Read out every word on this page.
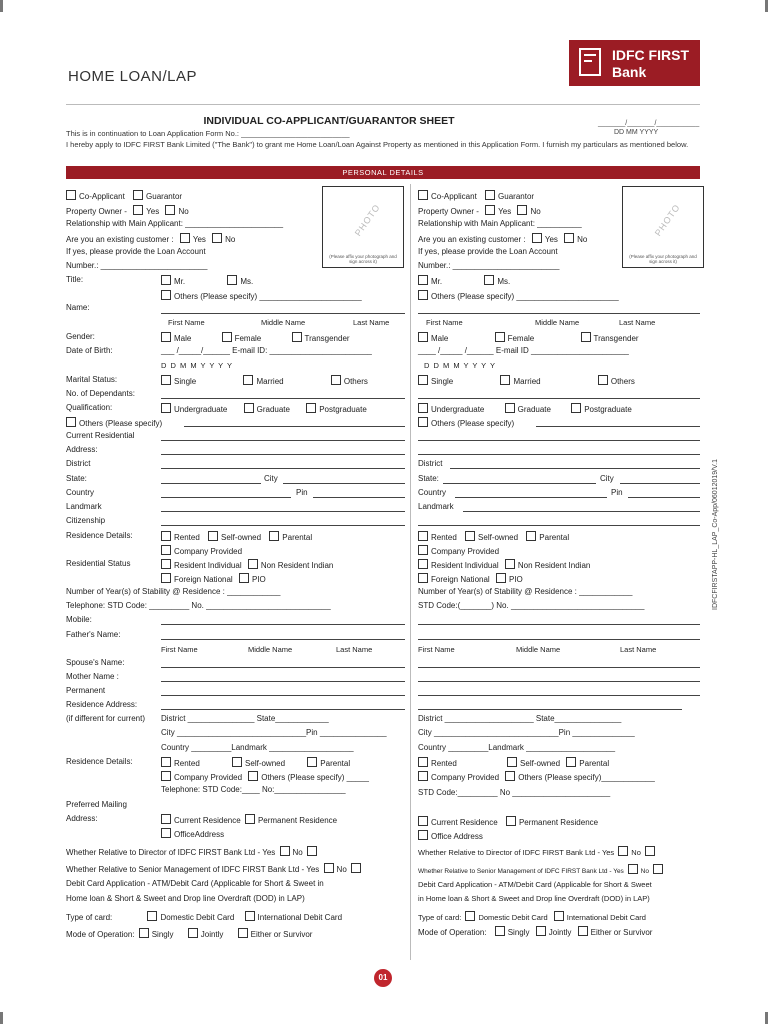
HOME LOAN/LAP
IDFC FIRST
Bank
INDIVIDUAL CO-APPLICANT/GUARANTOR SHEET	_______/_______/___________
DD MM YYYY
This is in continuation to Loan Application Form No.: __________________________
I hereby apply to IDFC FIRST Bank Limited ("The Bank") to grant me Home Loan/Loan Against Property as mentioned in this Application Form. I furnish my particulars as mentioned below.
PERSONAL DETAILS
Co-Applicant	Guarantor
Property Owner - Yes No
Relationship with Main Applicant: ______________________
Are you an existing customer : Yes No
If yes, please provide the Loan Account
Number.: ________________________
PHOTO
(Please affix your photograph and sign across it)
Title:	Mr.	Ms.
Others (Please specify) _______________________
Name:
First Name	Middle Name	Last Name
Gender:	Male	Female	Transgender
Date of Birth:	___ /_____/______ E-mail ID: _______________________
D D M M Y Y Y Y
Marital Status:	Single	Married	Others
No. of Dependants:
Qualification:	Undergraduate	Graduate	Postgraduate
Others (Please specify)
Current Residential
Address:
District
State:	City
Country	Pin
Landmark
Citizenship
Residence Details:	Rented	Self-owned	Parental
Company Provided
Residential Status	Resident Individual Non Resident Indian
Foreign National PIO
Number of Year(s) of Stability @ Residence : ____________
Telephone: STD Code: _________ No. ____________________________
Mobile:
Father's Name:
First Name	Middle Name	Last Name
Spouse's Name:
Mother Name :
Permanent
Residence Address:
(if different for current) District _______________ State____________
City _____________________________Pin _______________
Country _________Landmark ___________________
Residence Details:	Rented	Self-owned	Parental
Company Provided Others (Please specify) _____
Telephone: STD Code:____ No:________________
Preferred Mailing
Address:	Current Residence Permanent Residence
OfficeAddress
Whether Relative to Director of IDFC FIRST Bank Ltd - Yes No
Whether Relative to Senior Management of IDFC FIRST Bank Ltd - Yes No
Debit Card Application - ATM/Debit Card (Applicable for Short & Sweet in
Home loan & Short & Sweet and Drop line Overdraft (DOD) in LAP)
Type of card:	Domestic Debit Card	International Debit Card
Mode of Operation: Singly	Jointly	Either or Survivor
Co-Applicant	Guarantor
Property Owner - Yes No
Relationship with Main Applicant: __________
Are you an existing customer : Yes No
If yes, please provide the Loan Account
Number.: ________________________
PHOTO
(Please affix your photograph and sign across it)
Mr.	Ms.
Others (Please specify) _______________________
First Name	Middle Name	Last Name
Male	Female	Transgender
____ /_____ /______ E-mail ID ______________________
D D M M Y Y Y Y
Single	Married	Others
Undergraduate	Graduate	Postgraduate
Others (Please specify)
District
State:	City
Country	Pin
Landmark
Rented	Self-owned	Parental
Company Provided
Resident Individual Non Resident Indian
Foreign National PIO
Number of Year(s) of Stability @ Residence : ____________
STD Code:(_______) No. ______________________________
First Name	Middle Name	Last Name
District ____________________ State_______________
City ____________________________Pin ______________
Country _________Landmark ____________________
Rented	Self-owned Parental
Company Provided Others (Please specify)____________
STD Code:_________ No ______________________
Current Residence	Permanent Residence
Office Address
Whether Relative to Director of IDFC FIRST Bank Ltd - Yes No
Whether Relative to Senior Management of IDFC FIRST Bank Ltd - Yes	No
Debit Card Application - ATM/Debit Card (Applicable for Short & Sweet
in Home loan & Short & Sweet and Drop line Overdraft (DOD) in LAP)
Type of card: Domestic Debit Card	International Debit Card
Mode of Operation:	Singly Jointly Either or Survivor
IDFCFIRSTAPP-HL_LAP_Co-App/06012019/V.1
01
